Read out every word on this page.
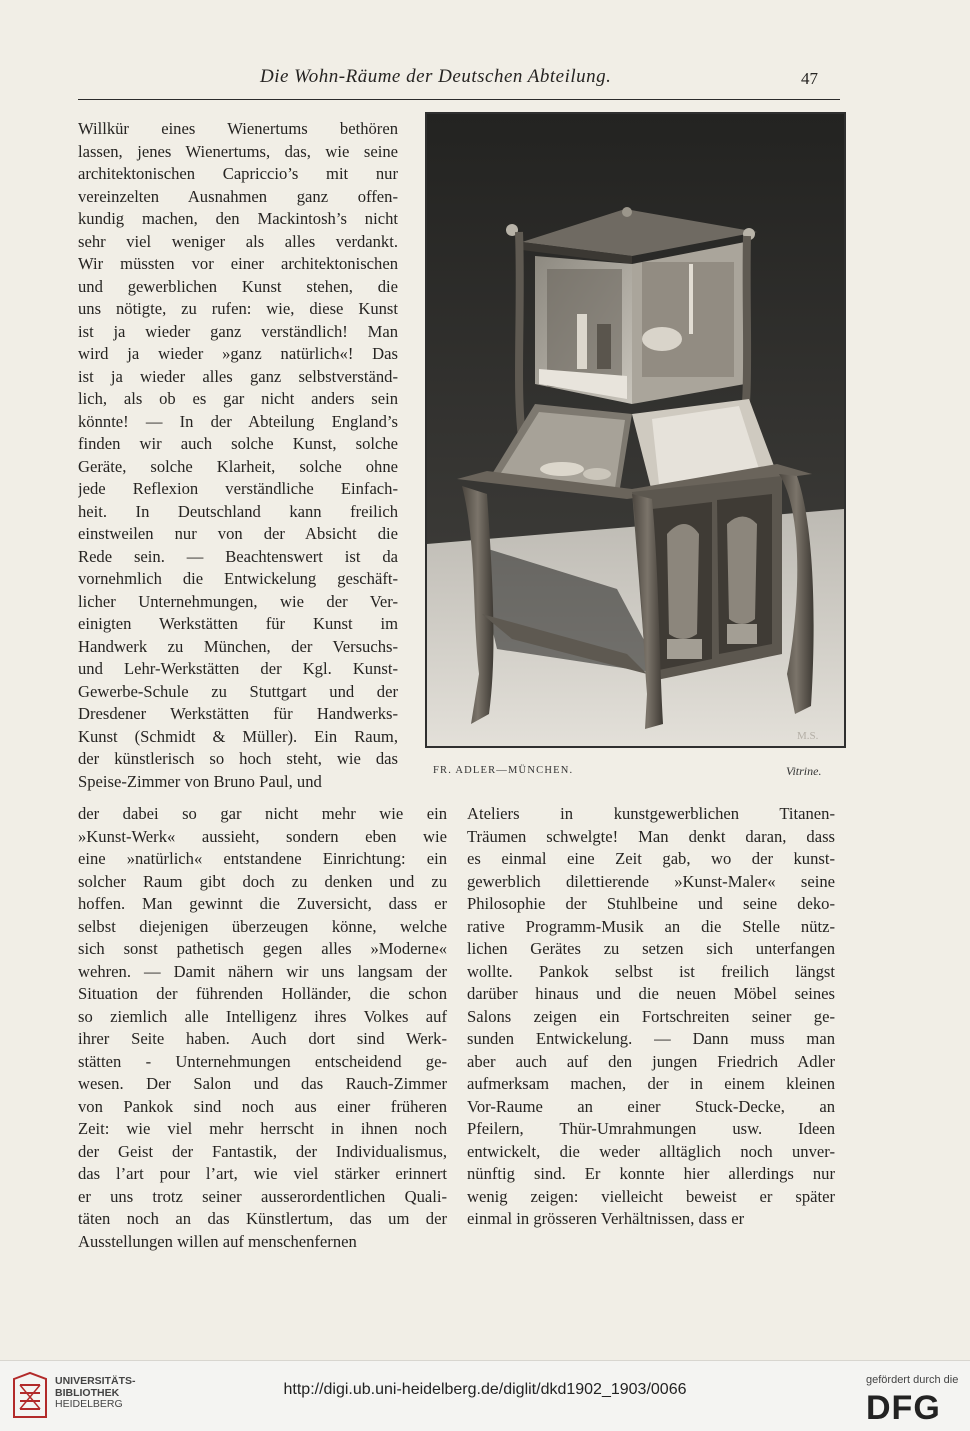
Die Wohn-Räume der Deutschen Abteilung.	47
Willkür eines Wienertums bethören
lassen, jenes Wienertums, das, wie seine
architektonischen Capriccio’s mit nur
vereinzelten Ausnahmen ganz offen-
kundig machen, den Mackintosh’s nicht
sehr viel weniger als alles verdankt.
Wir müssten vor einer architektonischen
und gewerblichen Kunst stehen, die
uns nötigte, zu rufen: wie, diese Kunst
ist ja wieder ganz verständlich! Man
wird ja wieder »ganz natürlich«! Das
ist ja wieder alles ganz selbstverständ-
lich, als ob es gar nicht anders sein
könnte! — In der Abteilung England’s
finden wir auch solche Kunst, solche
Geräte, solche Klarheit, solche ohne
jede Reflexion verständliche Einfach-
heit. In Deutschland kann freilich
einstweilen nur von der Absicht die
Rede sein. — Beachtenswert ist da
vornehmlich die Entwickelung geschäft-
licher Unternehmungen, wie der Ver-
einigten Werkstätten für Kunst im
Handwerk zu München, der Versuchs-
und Lehr-Werkstätten der Kgl. Kunst-
Gewerbe-Schule zu Stuttgart und der
Dresdener Werkstätten für Handwerks-
Kunst (Schmidt & Müller). Ein Raum,
der künstlerisch so hoch steht, wie das
Speise-Zimmer von Bruno Paul, und
M.S.
FR. ADLER—MÜNCHEN.	Vitrine.
der dabei so gar nicht mehr wie ein
»Kunst-Werk« aussieht, sondern eben wie
eine »natürlich« entstandene Einrichtung: ein
solcher Raum gibt doch zu denken und zu
hoffen. Man gewinnt die Zuversicht, dass er
selbst diejenigen überzeugen könne, welche
sich sonst pathetisch gegen alles »Moderne«
wehren. — Damit nähern wir uns langsam der
Situation der führenden Holländer, die schon
so ziemlich alle Intelligenz ihres Volkes auf
ihrer Seite haben. Auch dort sind Werk-
stätten - Unternehmungen entscheidend ge-
wesen. Der Salon und das Rauch-Zimmer
von Pankok sind noch aus einer früheren
Zeit: wie viel mehr herrscht in ihnen noch
der Geist der Fantastik, der Individualismus,
das l’art pour l’art, wie viel stärker erinnert
er uns trotz seiner ausserordentlichen Quali-
täten noch an das Künstlertum, das um der
Ausstellungen willen auf menschenfernen
Ateliers in kunstgewerblichen Titanen-
Träumen schwelgte! Man denkt daran, dass
es einmal eine Zeit gab, wo der kunst-
gewerblich dilettierende »Kunst-Maler« seine
Philosophie der Stuhlbeine und seine deko-
rative Programm-Musik an die Stelle nütz-
lichen Gerätes zu setzen sich unterfangen
wollte. Pankok selbst ist freilich längst
darüber hinaus und die neuen Möbel seines
Salons zeigen ein Fortschreiten seiner ge-
sunden Entwickelung. — Dann muss man
aber auch auf den jungen Friedrich Adler
aufmerksam machen, der in einem kleinen
Vor-Raume an einer Stuck-Decke, an
Pfeilern, Thür-Umrahmungen usw. Ideen
entwickelt, die weder alltäglich noch unver-
nünftig sind. Er konnte hier allerdings nur
wenig zeigen: vielleicht beweist er später
einmal in grösseren Verhältnissen, dass er
UNIVERSITÄTS-
BIBLIOTHEK
HEIDELBERG
http://digi.ub.uni-heidelberg.de/diglit/dkd1902_1903/0066
gefördert durch die
DFG
